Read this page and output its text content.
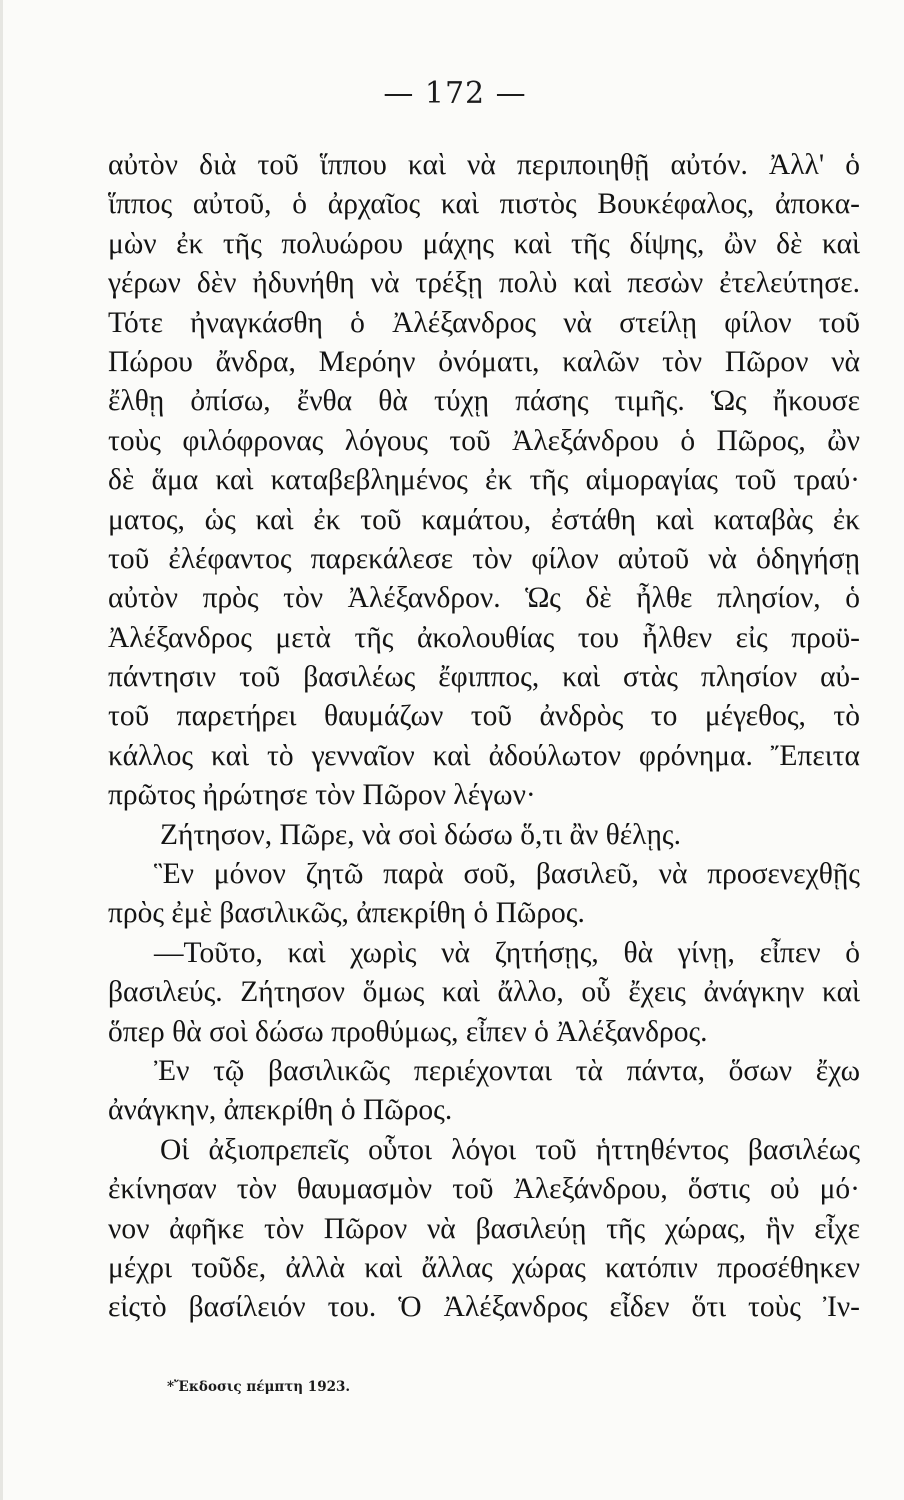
— 172 —
αὐτὸν διὰ τοῦ ἵππου καὶ νὰ περιποιηθῇ αὐτόν. Ἀλλ' ὁ
ἵππος αὐτοῦ, ὁ ἀρχαῖος καὶ πιστὸς Βουκέφαλος, ἀποκα-
μὼν ἐκ τῆς πολυώρου μάχης καὶ τῆς δίψης, ὢν δὲ καὶ
γέρων δὲν ἠδυνήθη νὰ τρέξῃ πολὺ καὶ πεσὼν ἐτελεύτησε.
Τότε ἠναγκάσθη ὁ Ἀλέξανδρος νὰ στείλῃ φίλον τοῦ
Πώρου ἄνδρα, Μερόην ὀνόματι, καλῶν τὸν Πῶρον νὰ
ἔλθῃ ὀπίσω, ἔνθα θὰ τύχῃ πάσης τιμῆς. Ὡς ἤκουσε
τοὺς φιλόφρονας λόγους τοῦ Ἀλεξάνδρου ὁ Πῶρος, ὢν
δὲ ἅμα καὶ καταβεβλημένος ἐκ τῆς αἱμοραγίας τοῦ τραύ·
ματος, ὡς καὶ ἐκ τοῦ καμάτου, ἐστάθη καὶ καταβὰς ἐκ
τοῦ ἐλέφαντος παρεκάλεσε τὸν φίλον αὐτοῦ νὰ ὁδηγήσῃ
αὐτὸν πρὸς τὸν Ἀλέξανδρον. Ὡς δὲ ἦλθε πλησίον, ὁ
Ἀλέξανδρος μετὰ τῆς ἀκολουθίας του ἦλθεν εἰς προϋ-
πάντησιν τοῦ βασιλέως ἔφιππος, καὶ στὰς πλησίον αὐ-
τοῦ παρετήρει θαυμάζων τοῦ ἀνδρὸς το μέγεθος, τὸ
κάλλος καὶ τὸ γενναῖον καὶ ἀδούλωτον φρόνημα. Ἔπειτα
πρῶτος ἠρώτησε τὸν Πῶρον λέγων·
Ζήτησον, Πῶρε, νὰ σοὶ δώσω ὅ,τι ἂν θέλῃς.
Ἓν μόνον ζητῶ παρὰ σοῦ, βασιλεῦ, νὰ προσενεχθῇς
πρὸς ἐμὲ βασιλικῶς, ἀπεκρίθη ὁ Πῶρος.
—Τοῦτο, καὶ χωρὶς νὰ ζητήσῃς, θὰ γίνῃ, εἶπεν ὁ
βασιλεύς. Ζήτησον ὅμως καὶ ἄλλο, οὗ ἔχεις ἀνάγκην καὶ
ὅπερ θὰ σοὶ δώσω προθύμως, εἶπεν ὁ Ἀλέξανδρος.
Ἐν τῷ βασιλικῶς περιέχονται τὰ πάντα, ὅσων ἔχω
ἀνάγκην, ἀπεκρίθη ὁ Πῶρος.
Οἱ ἀξιοπρεπεῖς οὗτοι λόγοι τοῦ ἡττηθέντος βασιλέως
ἐκίνησαν τὸν θαυμασμὸν τοῦ Ἀλεξάνδρου, ὅστις οὐ μό·
νον ἀφῆκε τὸν Πῶρον νὰ βασιλεύῃ τῆς χώρας, ἣν εἶχε
μέχρι τοῦδε, ἀλλὰ καὶ ἄλλας χώρας κατόπιν προσέθηκεν
εἰςτὸ βασίλειόν του. Ὁ Ἀλέξανδρος εἶδεν ὅτι τοὺς Ἰν-
*Ἔκδοσις πέμπτη 1923.
